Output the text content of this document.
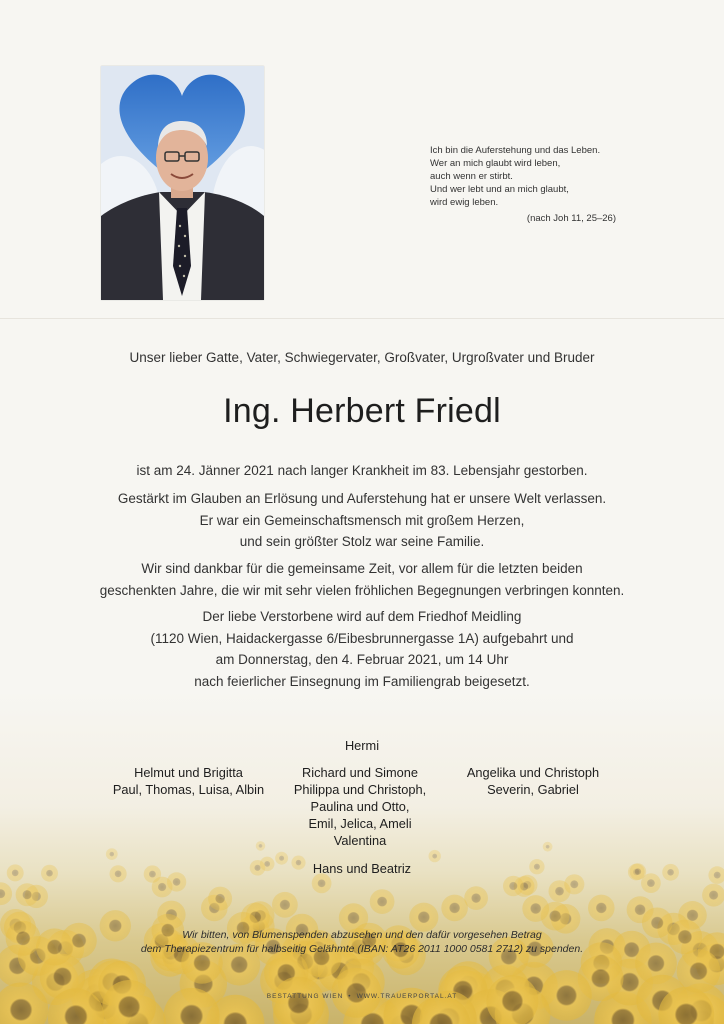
Ich bin die Auferstehung und das Leben.
Wer an mich glaubt wird leben,
auch wenn er stirbt.
Und wer lebt und an mich glaubt,
wird ewig leben.
(nach Joh 11, 25–26)
Unser lieber Gatte, Vater, Schwiegervater, Großvater, Urgroßvater und Bruder
Ing. Herbert Friedl
ist am 24. Jänner 2021 nach langer Krankheit im 83. Lebensjahr gestorben.
Gestärkt im Glauben an Erlösung und Auferstehung hat er unsere Welt verlassen.
Er war ein Gemeinschaftsmensch mit großem Herzen,
und sein größter Stolz war seine Familie.
Wir sind dankbar für die gemeinsame Zeit, vor allem für die letzten beiden
geschenkten Jahre, die wir mit sehr vielen fröhlichen Begegnungen verbringen konnten.
Der liebe Verstorbene wird auf dem Friedhof Meidling
(1120 Wien, Haidackergasse 6/Eibesbrunnergasse 1A) aufgebahrt und
am Donnerstag, den 4. Februar 2021, um 14 Uhr
nach feierlicher Einsegnung im Familiengrab beigesetzt.
Hermi
Helmut und Brigitta
Paul, Thomas, Luisa, Albin
Richard und Simone
Philippa und Christoph,
Paulina und Otto,
Emil, Jelica, Ameli
Valentina
Angelika und Christoph
Severin, Gabriel
Hans und Beatriz
Wir bitten, von Blumenspenden abzusehen und den dafür vorgesehen Betrag
dem Therapiezentrum für halbseitig Gelähmte (IBAN: AT26 2011 1000 0581 2712) zu spenden.
BESTATTUNG WIEN • WWW.TRAUERPORTAL.AT
